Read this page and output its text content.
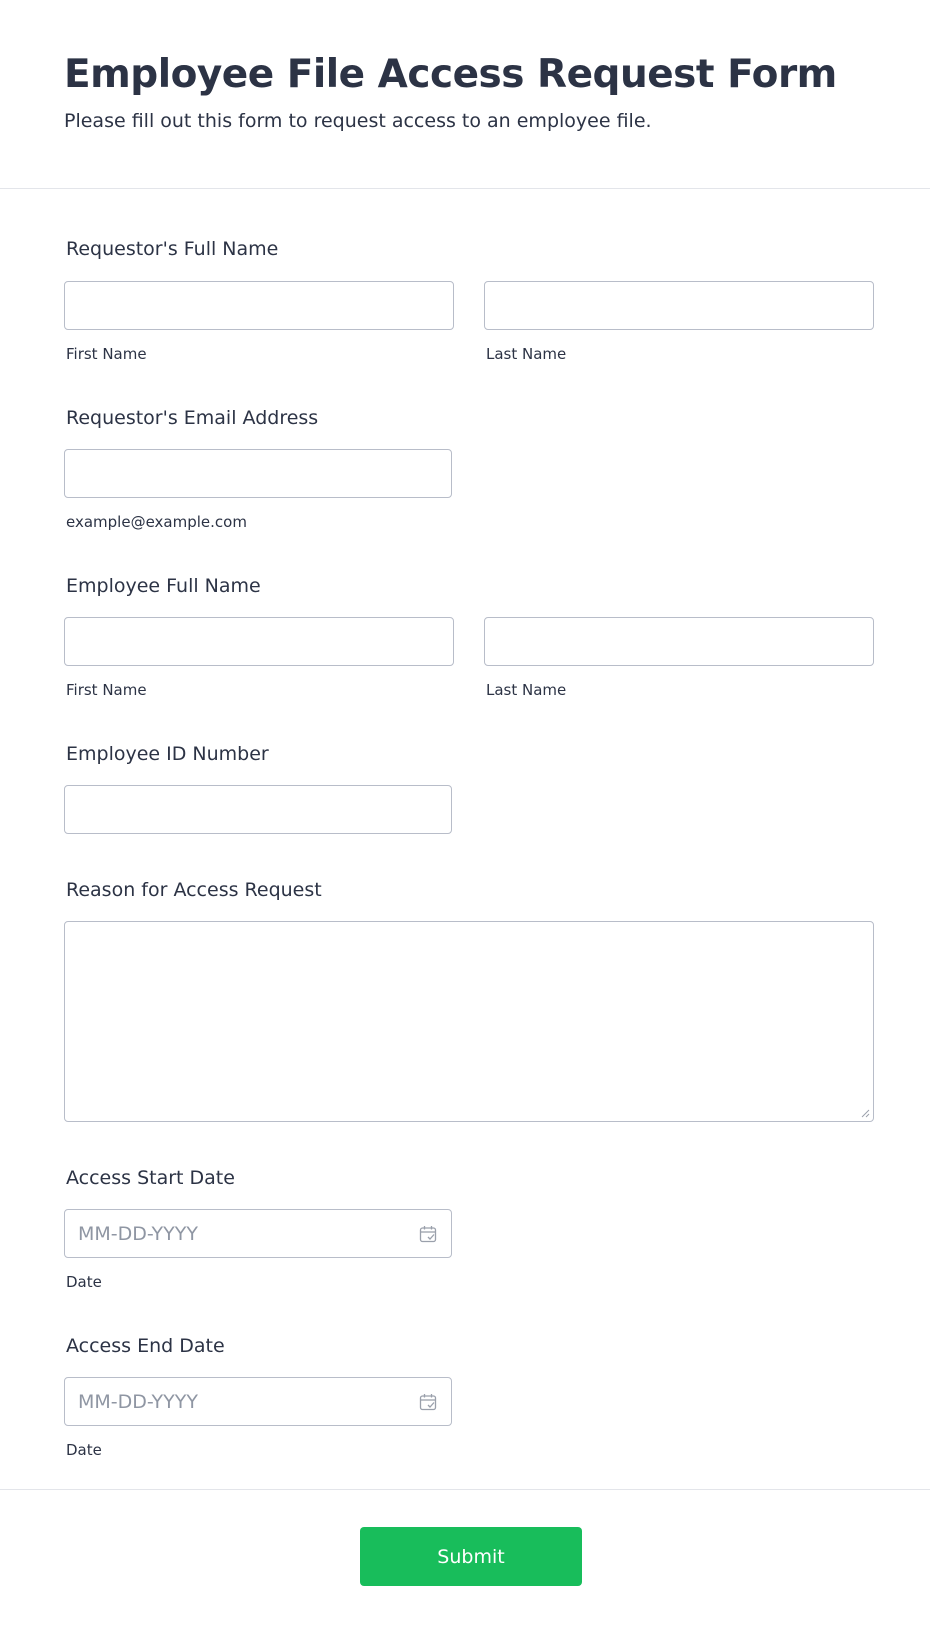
Employee File Access Request Form
Please fill out this form to request access to an employee file.
Requestor's Full Name
First Name	Last Name
Requestor's Email Address
example@example.com
Employee Full Name
First Name	Last Name
Employee ID Number
Reason for Access Request
Access Start Date
MM-DD-YYYY
Date
Access End Date
MM-DD-YYYY
Date
Submit
